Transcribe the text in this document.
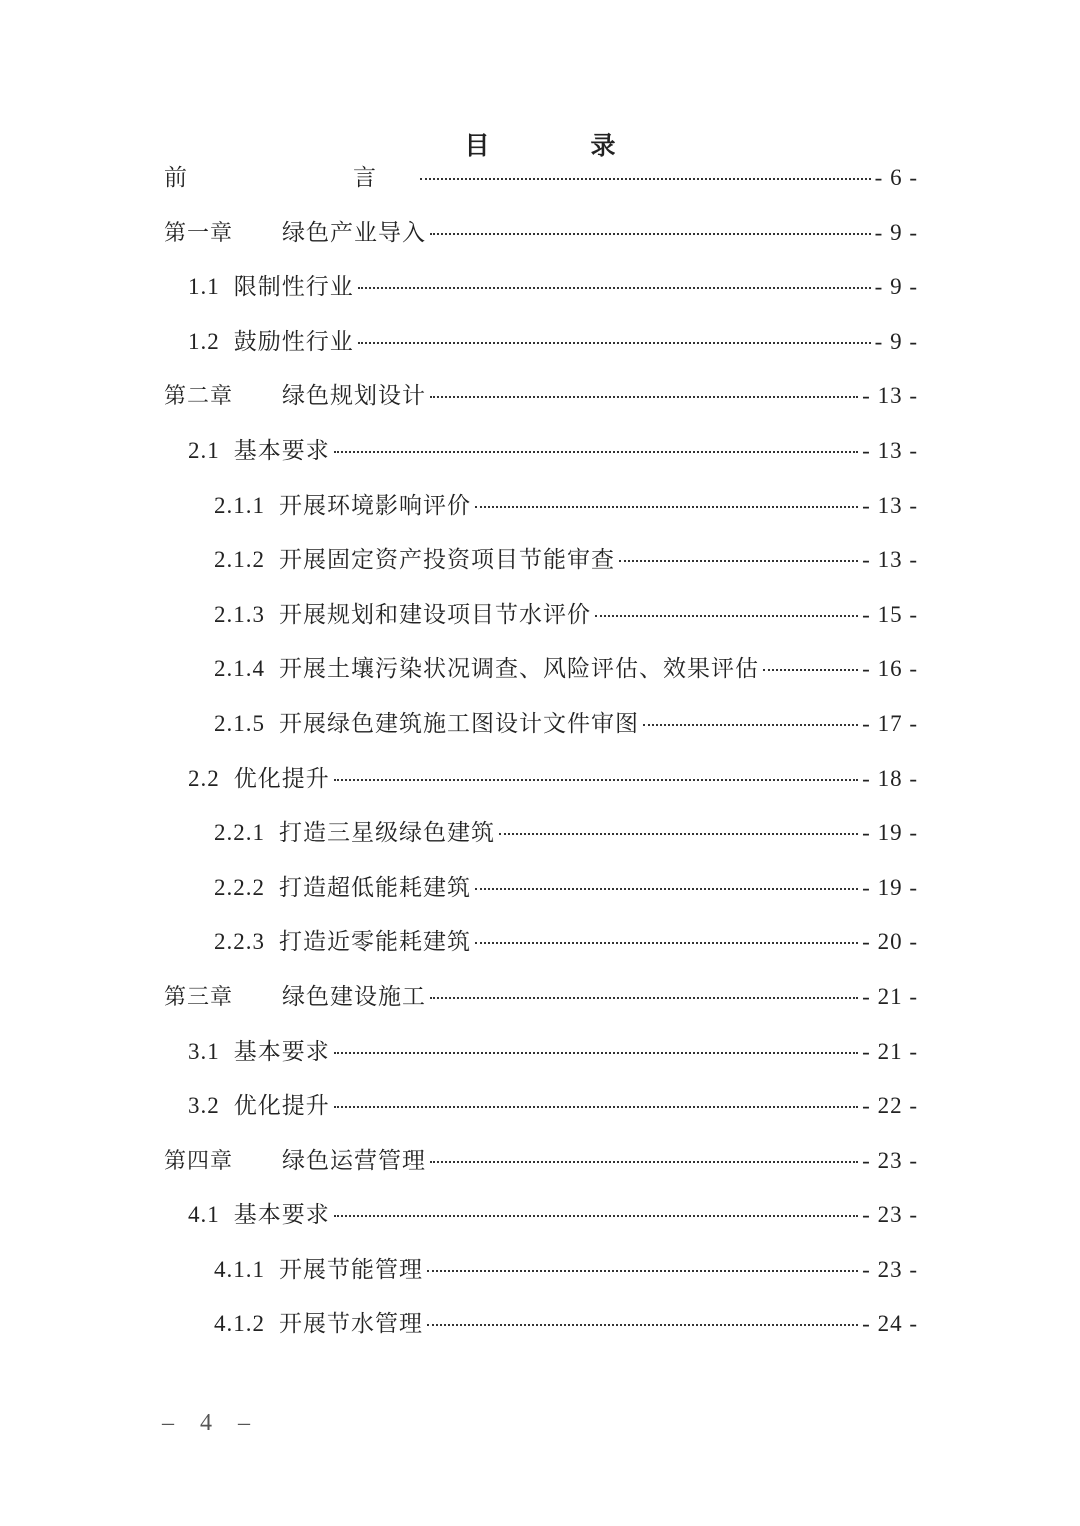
目　录
前　　言	- 6 -
第一章	绿色产业导入	- 9 -
1.1 限制性行业	- 9 -
1.2 鼓励性行业	- 9 -
第二章	绿色规划设计	- 13 -
2.1 基本要求	- 13 -
2.1.1 开展环境影响评价	- 13 -
2.1.2 开展固定资产投资项目节能审查	- 13 -
2.1.3 开展规划和建设项目节水评价	- 15 -
2.1.4 开展土壤污染状况调查、风险评估、效果评估	- 16 -
2.1.5 开展绿色建筑施工图设计文件审图	- 17 -
2.2 优化提升	- 18 -
2.2.1 打造三星级绿色建筑	- 19 -
2.2.2 打造超低能耗建筑	- 19 -
2.2.3 打造近零能耗建筑	- 20 -
第三章	绿色建设施工	- 21 -
3.1 基本要求	- 21 -
3.2 优化提升	- 22 -
第四章	绿色运营管理	- 23 -
4.1 基本要求	- 23 -
4.1.1 开展节能管理	- 23 -
4.1.2 开展节水管理	- 24 -
– 4 –
